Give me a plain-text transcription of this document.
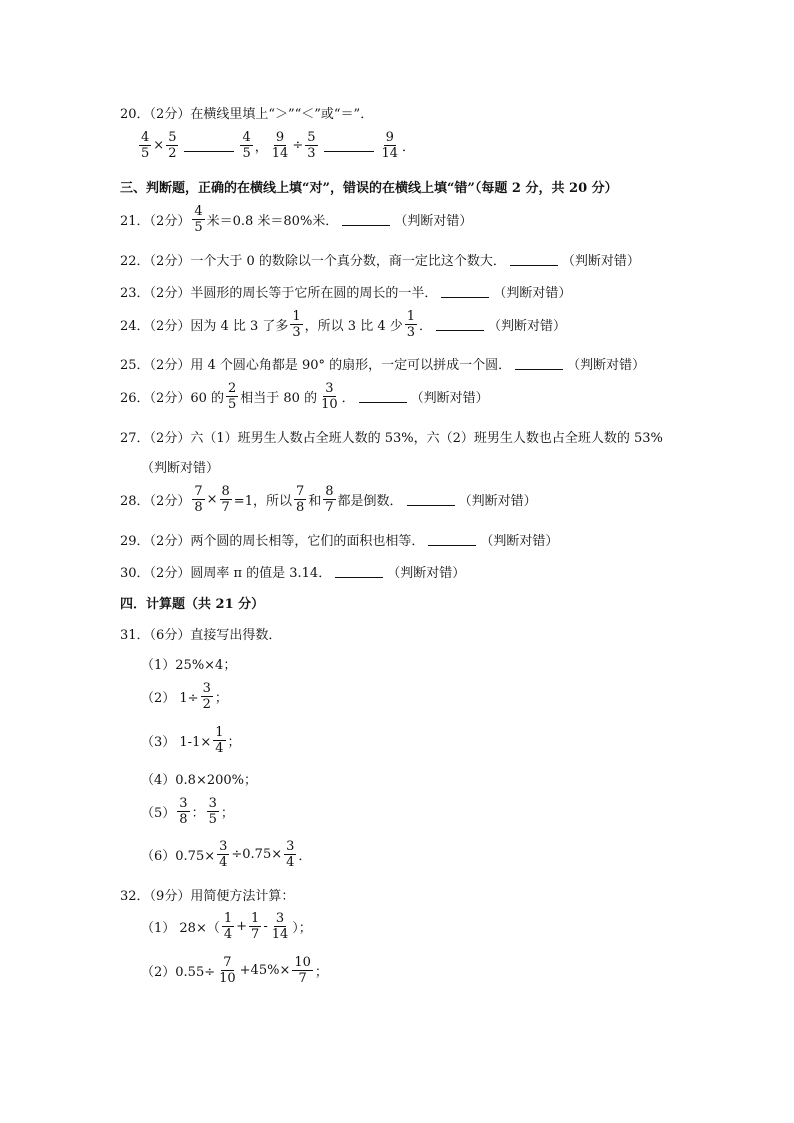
20．（2分）在横线里填上“＞”“＜”或“＝”．
$\frac{4}{5} \times \frac{5}{2}$	$\frac{4}{5}$ ， $\frac{9}{14} \div \frac{5}{3}$	$\frac{9}{14}$ ．
三、判断题，正确的在横线上填“对”，错误的在横线上填“错”（每题 2 分，共 20 分）
21．（2分） $\frac{4}{5}$ 米＝0.8 米＝80%米．	（判断对错）
22．（2分）一个大于 0 的数除以一个真分数，商一定比这个数大．	（判断对错）
23．（2分）半圆形的周长等于它所在圆的周长的一半．	（判断对错）
24．（2分）因为 4 比 3 了多 $\frac{1}{3}$ ，所以 3 比 4 少 $\frac{1}{3}$ ．	（判断对错）
25．（2分）用 4 个圆心角都是 90° 的扇形，一定可以拼成一个圆．	（判断对错）
26．（2分）60 的 $\frac{2}{5}$ 相当于 80 的 $\frac{3}{10}$ ．	（判断对错）
27．（2分）六（1）班男生人数占全班人数的 53%，六（2）班男生人数也占全班人数的 53%
（判断对错）
28．（2分） $\frac{7}{8} \times \frac{8}{7} =1$，所以 $\frac{7}{8}$ 和 $\frac{8}{7}$ 都是倒数．	（判断对错）
29．（2分）两个圆的周长相等，它们的面积也相等．	（判断对错）
30．（2分）圆周率 π 的值是 3.14．	（判断对错）
四．计算题（共 21 分）
31．（6分）直接写出得数．
（1）25%×4；
（2） $1\div \frac{3}{2}$ ；
（3） $1-1\times \frac{1}{4}$ ；
（4）0.8×200%；
$(5) \frac{3}{8}$ ： $\frac{3}{5}$ ；
$(6)0.75\times \frac{3}{4} \div 0.75\times \frac{3}{4}$ ．
32．（9分）用简便方法计算：
（1） $28\times( \frac{1}{4} + \frac{1}{7} - \frac{3}{14}$ ）；
$(2)0.55\div \frac{7}{10} +45\%\times \frac{10}{7}$ ；
